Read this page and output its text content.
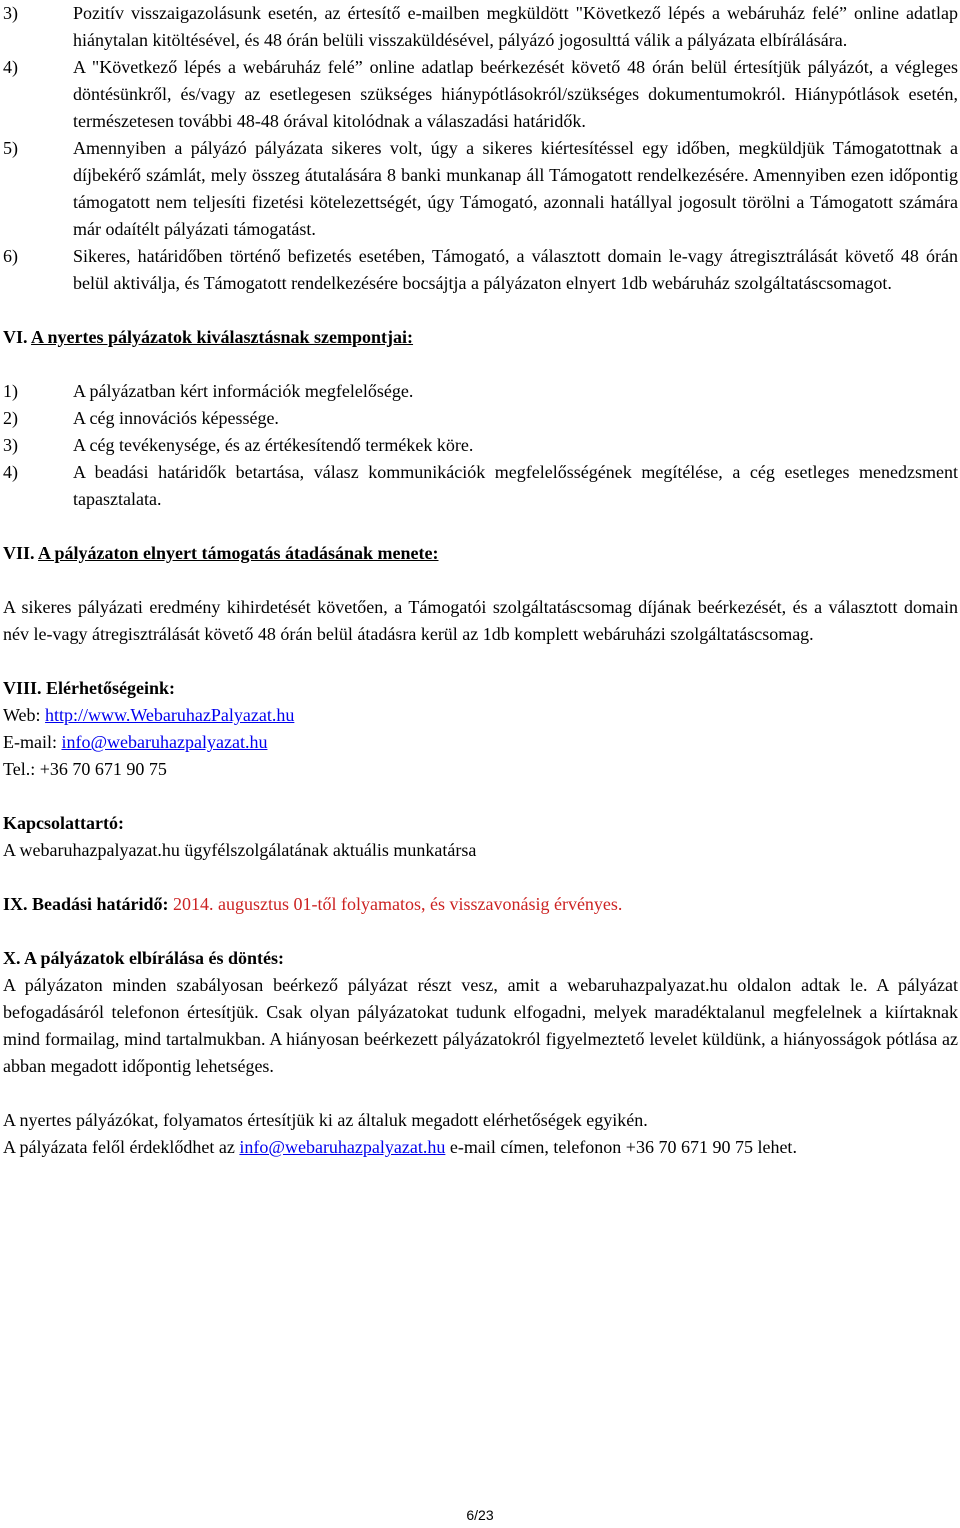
3)	Pozitív visszaigazolásunk esetén, az értesítő e-mailben megküldött "Következő lépés a webáruház felé” online adatlap hiánytalan kitöltésével, és 48 órán belüli visszaküldésével, pályázó jogosulttá válik a pályázata elbírálására.
4)	A "Következő lépés a webáruház felé” online adatlap beérkezését követő 48 órán belül értesítjük pályázót, a végleges döntésünkről, és/vagy az esetlegesen szükséges hiánypótlásokról/szükséges dokumentumokról. Hiánypótlások esetén, természetesen további 48-48 órával kitolódnak a válaszadási határidők.
5)	Amennyiben a pályázó pályázata sikeres volt, úgy a sikeres kiértesítéssel egy időben, megküldjük Támogatottnak a díjbekérő számlát, mely összeg átutalására 8 banki munkanap áll Támogatott rendelkezésére. Amennyiben ezen időpontig támogatott nem teljesíti fizetési kötelezettségét, úgy Támogató, azonnali hatállyal jogosult törölni a Támogatott számára már odaítélt pályázati támogatást.
6)	Sikeres, határidőben történő befizetés esetében, Támogató, a választott domain le-vagy átregisztrálását követő 48 órán belül aktiválja, és Támogatott rendelkezésére bocsájtja a pályázaton elnyert 1db webáruház szolgáltatáscsomagot.

VI. A nyertes pályázatok kiválasztásnak szempontjai:

1)	A pályázatban kért információk megfelelősége.
2)	A cég innovációs képessége.
3)	A cég tevékenysége, és az értékesítendő termékek köre.
4)	A beadási határidők betartása, válasz kommunikációk megfelelősségének megítélése, a cég esetleges menedzsment tapasztalata.

VII. A pályázaton elnyert támogatás átadásának menete:

A sikeres pályázati eredmény kihirdetését követően, a Támogatói szolgáltatáscsomag díjának beérkezését, és a választott domain név le-vagy átregisztrálását követő 48 órán belül átadásra kerül az 1db komplett webáruházi szolgáltatáscsomag.

VIII. Elérhetőségeink:

Web: http://www.WebaruhazPalyazat.hu

E-mail: info@webaruhazpalyazat.hu

Tel.: +36 70 671 90 75

Kapcsolattartó:

A webaruhazpalyazat.hu ügyfélszolgálatának aktuális munkatársa

IX. Beadási határidő: 2014. augusztus 01-től folyamatos, és visszavonásig érvényes.

X. A pályázatok elbírálása és döntés:

A pályázaton minden szabályosan beérkező pályázat részt vesz, amit a webaruhazpalyazat.hu oldalon adtak le. A pályázat befogadásáról telefonon értesítjük. Csak olyan pályázatokat tudunk elfogadni, melyek maradéktalanul megfelelnek a kiírtaknak mind formailag, mind tartalmukban. A hiányosan beérkezett pályázatokról figyelmeztető levelet küldünk, a hiányosságok pótlása az abban megadott időpontig lehetséges.

A nyertes pályázókat, folyamatos értesítjük ki az általuk megadott elérhetőségek egyikén.

A pályázata felől érdeklődhet az info@webaruhazpalyazat.hu e-mail címen, telefonon +36 70 671 90 75 lehet.

6/23
